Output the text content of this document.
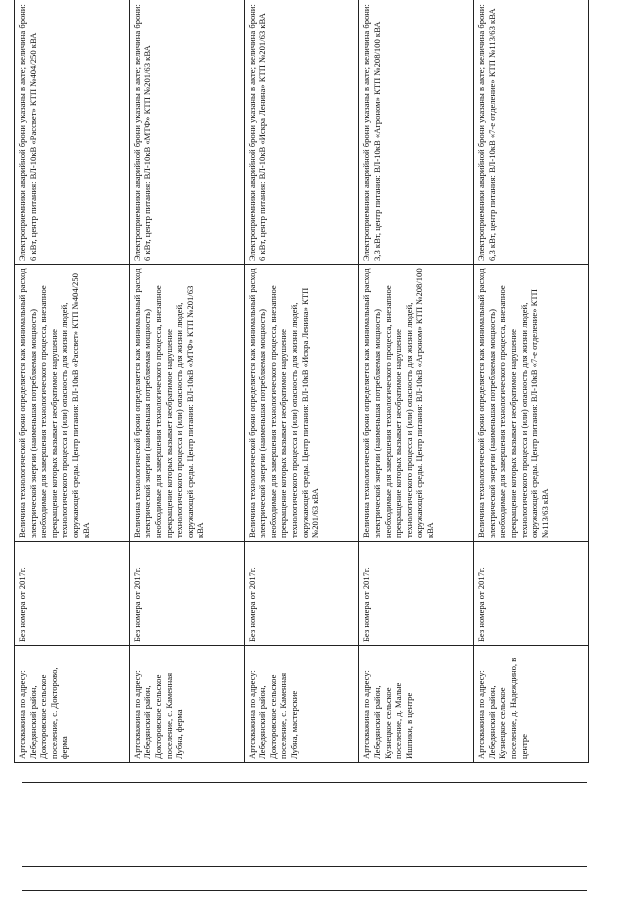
Артскважина по адресу: Лебедянский район, Докторовское сельское поселение, с. Докторово, ферма	Без номера от 2017г.	Величина технологической брони определяется как минимальный расход электрической энергии (наименьшая потребляемая мощность) необходимые для завершения технологического процесса, внезапное прекращение которых вызывает необратимое нарушение технологического процесса и (или) опасность для жизни людей, окружающей среды. Центр питания: ВЛ-10кВ «Рассвет» КТП №404/250 кВА	Электроприемники аварийной брони указаны в акте; величина брони: 6 кВт, центр питания: ВЛ-10кВ «Рассвет» КТП №404/250 кВА
Артскважина по адресу: Лебедянский район, Докторовское сельское поселение, с. Каменная Лубна, ферма	Без номера от 2017г.	Величина технологической брони определяется как минимальный расход электрической энергии (наименьшая потребляемая мощность) необходимые для завершения технологического процесса, внезапное прекращение которых вызывает необратимое нарушение технологического процесса и (или) опасность для жизни людей, окружающей среды. Центр питания: ВЛ-10кВ «МТФ» КТП №201/63 кВА	Электроприемники аварийной брони указаны в акте; величина брони: 6 кВт, центр питания: ВЛ-10кВ «МТФ» КТП №201/63 кВА
Артскважина по адресу: Лебедянский район, Докторовское сельское поселение, с. Каменная Лубна, мастерские	Без номера от 2017г.	Величина технологической брони определяется как минимальный расход электрической энергии (наименьшая потребляемая мощность) необходимые для завершения технологического процесса, внезапное прекращение которых вызывает необратимое нарушение технологического процесса и (или) опасность для жизни людей, окружающей среды. Центр питания: ВЛ-10кВ «Искра Ленина» КТП №201/63 кВА	Электроприемники аварийной брони указаны в акте; величина брони: 6 кВт, центр питания: ВЛ-10кВ «Искра Ленина» КТП №201/63 кВА
Артскважина по адресу: Лебедянский район, Кузнецкое сельское поселение, д. Малые Ишпики, в центре	Без номера от 2017г.	Величина технологической брони определяется как минимальный расход электрической энергии (наименьшая потребляемая мощность) необходимые для завершения технологического процесса, внезапное прекращение которых вызывает необратимое нарушение технологического процесса и (или) опасность для жизни людей, окружающей среды. Центр питания: ВЛ-10кВ «Агроном» КТП №208/100 кВА	Электроприемники аварийной брони указаны в акте; величина брони: 3,3 кВт, центр питания: ВЛ-10кВ «Агроном» КТП №208/100 кВА
Артскважина по адресу: Лебедянский район, Кузнецкое сельское поселение, д. Надеждино, в центре	Без номера от 2017г.	Величина технологической брони определяется как минимальный расход электрической энергии (наименьшая потребляемая мощность) необходимые для завершения технологического процесса, внезапное прекращение которых вызывает необратимое нарушение технологического процесса и (или) опасность для жизни людей, окружающей среды. Центр питания: ВЛ-10кВ «7-е отделение» КТП №113/63 кВА	Электроприемники аварийной брони указаны в акте; величина брони: 6,3 кВт, центр питания: ВЛ-10кВ «7-е отделение» КТП №113/63 кВА
